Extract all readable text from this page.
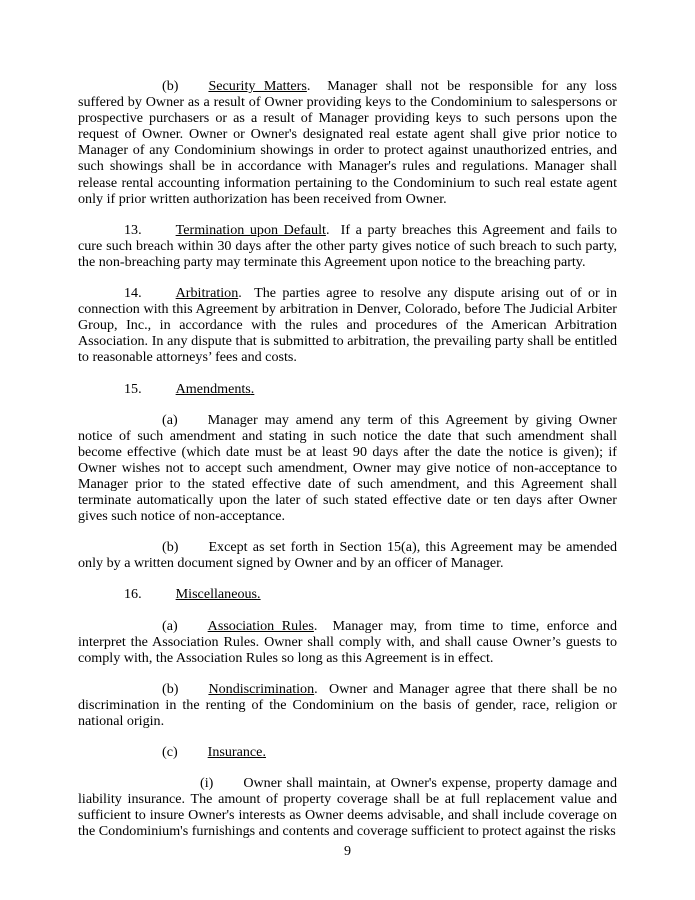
(b) Security Matters. Manager shall not be responsible for any loss suffered by Owner as a result of Owner providing keys to the Condominium to salespersons or prospective purchasers or as a result of Manager providing keys to such persons upon the request of Owner. Owner or Owner's designated real estate agent shall give prior notice to Manager of any Condominium showings in order to protect against unauthorized entries, and such showings shall be in accordance with Manager's rules and regulations. Manager shall release rental accounting information pertaining to the Condominium to such real estate agent only if prior written authorization has been received from Owner.

13. Termination upon Default. If a party breaches this Agreement and fails to cure such breach within 30 days after the other party gives notice of such breach to such party, the non-breaching party may terminate this Agreement upon notice to the breaching party.

14. Arbitration. The parties agree to resolve any dispute arising out of or in connection with this Agreement by arbitration in Denver, Colorado, before The Judicial Arbiter Group, Inc., in accordance with the rules and procedures of the American Arbitration Association. In any dispute that is submitted to arbitration, the prevailing party shall be entitled to reasonable attorneys’ fees and costs.

15. Amendments.

(a) Manager may amend any term of this Agreement by giving Owner notice of such amendment and stating in such notice the date that such amendment shall become effective (which date must be at least 90 days after the date the notice is given); if Owner wishes not to accept such amendment, Owner may give notice of non-acceptance to Manager prior to the stated effective date of such amendment, and this Agreement shall terminate automatically upon the later of such stated effective date or ten days after Owner gives such notice of non-acceptance.

(b) Except as set forth in Section 15(a), this Agreement may be amended only by a written document signed by Owner and by an officer of Manager.

16. Miscellaneous.

(a) Association Rules. Manager may, from time to time, enforce and interpret the Association Rules. Owner shall comply with, and shall cause Owner’s guests to comply with, the Association Rules so long as this Agreement is in effect.

(b) Nondiscrimination. Owner and Manager agree that there shall be no discrimination in the renting of the Condominium on the basis of gender, race, religion or national origin.

(c) Insurance.

(i) Owner shall maintain, at Owner's expense, property damage and liability insurance. The amount of property coverage shall be at full replacement value and sufficient to insure Owner's interests as Owner deems advisable, and shall include coverage on the Condominium's furnishings and contents and coverage sufficient to protect against the risks

9
